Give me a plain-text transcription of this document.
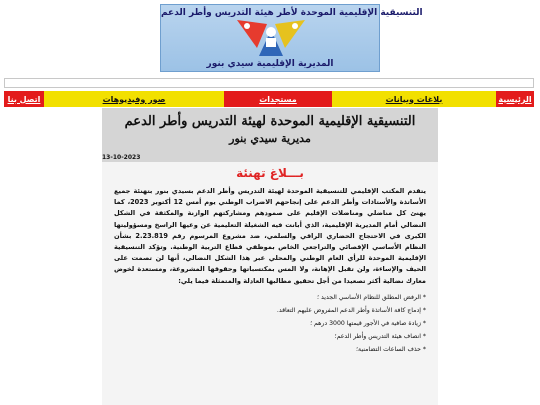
التنسيقية الإقليمية الموحدة لأطر هيئة التدريس وأطر الدعم
المديرية الإقليمية سيدي بنور
الرئيسية
بلاغات وبيانات
مستجدات
صور وفيديوهات
اتصل بنا
التنسيقية الإقليمية الموحدة لهيئة التدريس وأطر الدعم
مديرية سيدي بنور
13-10-2023
بـــلاغ تهنئة

يتقدم المكتب الإقليمي للتنسيقية الموحدة لهيئة التدريس وأطر الدعم بسيدي بنور بتهنئة جميع الأساتذة والأستاذات وأطر الدعم على إنجاحهم الاضراب الوطني يوم أمس 12 أكتوبر 2023، كما يهنئ كل مناضلي ومناضلات الإقليم على صمودهم ومشاركتهم الوازنة والمكثفة في الشكل النضالي أمام المديرية الإقليمية، الذي أبانت فيه الشغيلة التعليمية عن وعيها الراسخ ومسؤوليتها الكبرى في الاحتجاج الحضاري الراقي والسلمي، ضد مشروع المرسوم رقم 2.23.819 بشأن النظام الأساسي الإقصائي والتراجعي الخاص بموظفي قطاع التربية الوطنية. وتؤكد التنسيقية الإقليمية الموحدة للرأي العام الوطني والمحلي عبر هذا الشكل النضالي، أنها لن تصمت على الحيف والإساءة، ولن تقبل الإهانة، ولا المس بمكتسباتها وحقوقها المشروعة، ومستعدة لخوض معارك نضالية أكثر تصعيدا من أجل تحقيق مطالبها العادلة والمتمثلة فيما يلي:

* الرفض المطلق للنظام الأساسي الجديد ؛
* إدماج كافة الأساتذة وأطر الدعم المفروض عليهم التعاقد.
* زيادة صافية في الأجور قيمتها 3000 درهم ؛
* انصاف هيئة التدريس وأطر الدعم؛
* حذف الساعات التضامنية؛
